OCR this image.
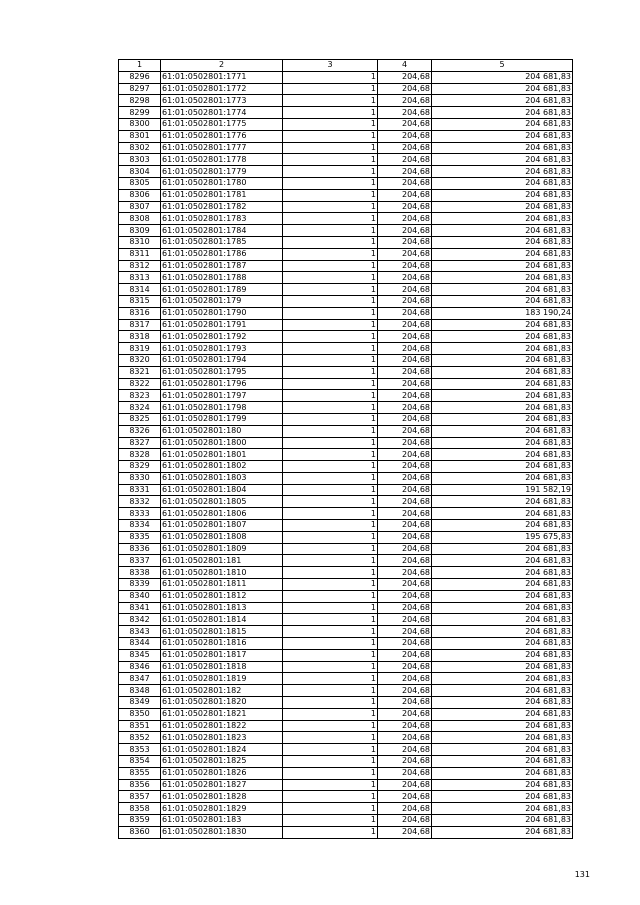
1	2	3	4	5
8296	61:01:0502801:1771	1	204,68	204 681,83
8297	61:01:0502801:1772	1	204,68	204 681,83
8298	61:01:0502801:1773	1	204,68	204 681,83
8299	61:01:0502801:1774	1	204,68	204 681,83
8300	61:01:0502801:1775	1	204,68	204 681,83
8301	61:01:0502801:1776	1	204,68	204 681,83
8302	61:01:0502801:1777	1	204,68	204 681,83
8303	61:01:0502801:1778	1	204,68	204 681,83
8304	61:01:0502801:1779	1	204,68	204 681,83
8305	61:01:0502801:1780	1	204,68	204 681,83
8306	61:01:0502801:1781	1	204,68	204 681,83
8307	61:01:0502801:1782	1	204,68	204 681,83
8308	61:01:0502801:1783	1	204,68	204 681,83
8309	61:01:0502801:1784	1	204,68	204 681,83
8310	61:01:0502801:1785	1	204,68	204 681,83
8311	61:01:0502801:1786	1	204,68	204 681,83
8312	61:01:0502801:1787	1	204,68	204 681,83
8313	61:01:0502801:1788	1	204,68	204 681,83
8314	61:01:0502801:1789	1	204,68	204 681,83
8315	61:01:0502801:179	1	204,68	204 681,83
8316	61:01:0502801:1790	1	204,68	183 190,24
8317	61:01:0502801:1791	1	204,68	204 681,83
8318	61:01:0502801:1792	1	204,68	204 681,83
8319	61:01:0502801:1793	1	204,68	204 681,83
8320	61:01:0502801:1794	1	204,68	204 681,83
8321	61:01:0502801:1795	1	204,68	204 681,83
8322	61:01:0502801:1796	1	204,68	204 681,83
8323	61:01:0502801:1797	1	204,68	204 681,83
8324	61:01:0502801:1798	1	204,68	204 681,83
8325	61:01:0502801:1799	1	204,68	204 681,83
8326	61:01:0502801:180	1	204,68	204 681,83
8327	61:01:0502801:1800	1	204,68	204 681,83
8328	61:01:0502801:1801	1	204,68	204 681,83
8329	61:01:0502801:1802	1	204,68	204 681,83
8330	61:01:0502801:1803	1	204,68	204 681,83
8331	61:01:0502801:1804	1	204,68	191 582,19
8332	61:01:0502801:1805	1	204,68	204 681,83
8333	61:01:0502801:1806	1	204,68	204 681,83
8334	61:01:0502801:1807	1	204,68	204 681,83
8335	61:01:0502801:1808	1	204,68	195 675,83
8336	61:01:0502801:1809	1	204,68	204 681,83
8337	61:01:0502801:181	1	204,68	204 681,83
8338	61:01:0502801:1810	1	204,68	204 681,83
8339	61:01:0502801:1811	1	204,68	204 681,83
8340	61:01:0502801:1812	1	204,68	204 681,83
8341	61:01:0502801:1813	1	204,68	204 681,83
8342	61:01:0502801:1814	1	204,68	204 681,83
8343	61:01:0502801:1815	1	204,68	204 681,83
8344	61:01:0502801:1816	1	204,68	204 681,83
8345	61:01:0502801:1817	1	204,68	204 681,83
8346	61:01:0502801:1818	1	204,68	204 681,83
8347	61:01:0502801:1819	1	204,68	204 681,83
8348	61:01:0502801:182	1	204,68	204 681,83
8349	61:01:0502801:1820	1	204,68	204 681,83
8350	61:01:0502801:1821	1	204,68	204 681,83
8351	61:01:0502801:1822	1	204,68	204 681,83
8352	61:01:0502801:1823	1	204,68	204 681,83
8353	61:01:0502801:1824	1	204,68	204 681,83
8354	61:01:0502801:1825	1	204,68	204 681,83
8355	61:01:0502801:1826	1	204,68	204 681,83
8356	61:01:0502801:1827	1	204,68	204 681,83
8357	61:01:0502801:1828	1	204,68	204 681,83
8358	61:01:0502801:1829	1	204,68	204 681,83
8359	61:01:0502801:183	1	204,68	204 681,83
8360	61:01:0502801:1830	1	204,68	204 681,83
131
